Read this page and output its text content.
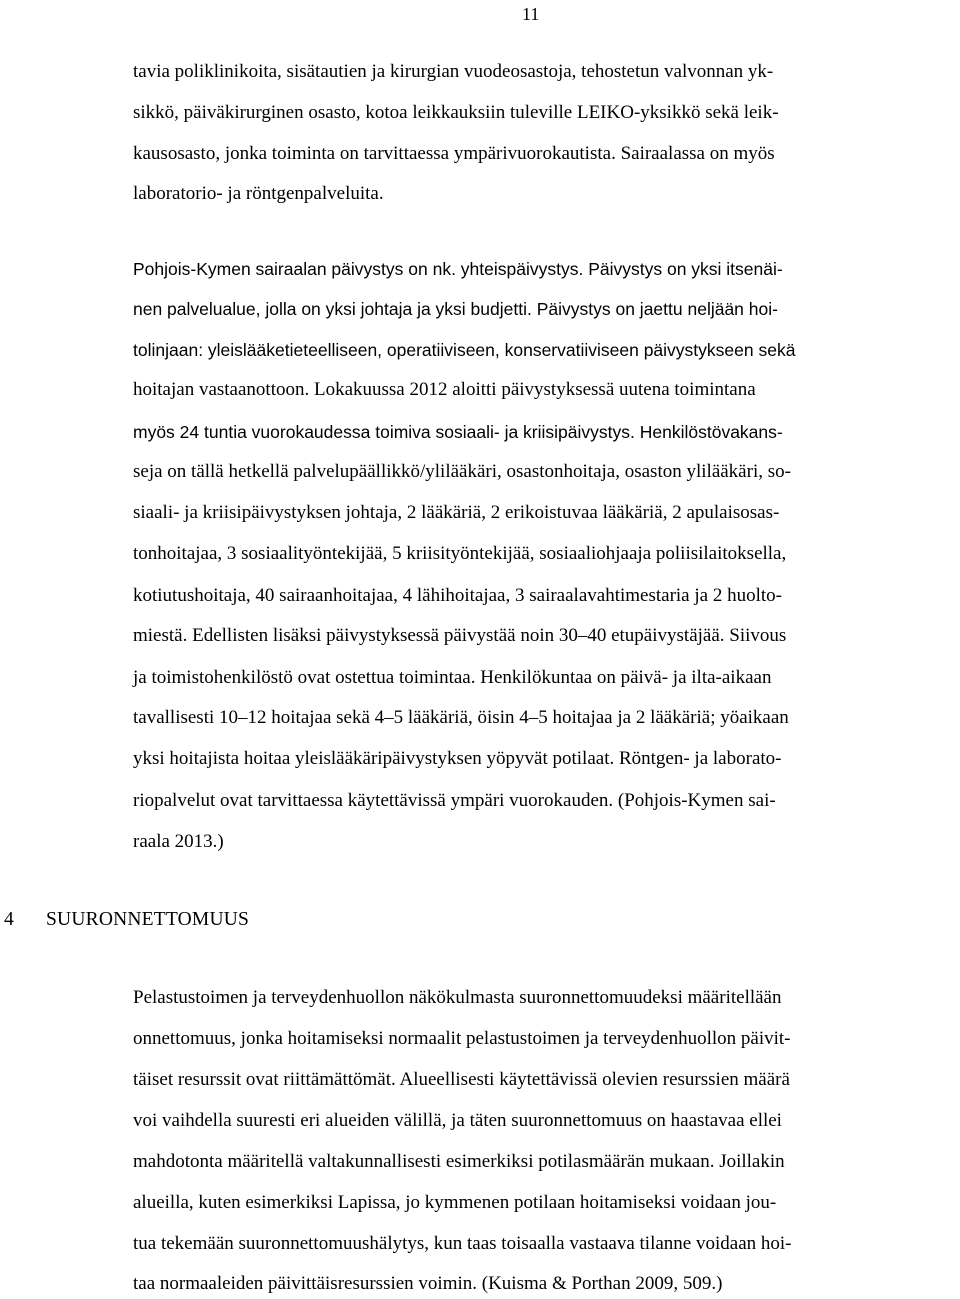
11
tavia poliklinikoita, sisätautien ja kirurgian vuodeosastoja, tehostetun valvonnan yk-
sikkö, päiväkirurginen osasto, kotoa leikkauksiin tuleville LEIKO-yksikkö sekä leik-
kausosasto, jonka toiminta on tarvittaessa ympärivuorokautista. Sairaalassa on myös
laboratorio- ja röntgenpalveluita.
Pohjois-Kymen sairaalan päivystys on nk. yhteispäivystys. Päivystys on yksi itsenäi-
nen palvelualue, jolla on yksi johtaja ja yksi budjetti. Päivystys on jaettu neljään hoi-
tolinjaan: yleislääketieteelliseen, operatiiviseen, konservatiiviseen päivystykseen sekä
hoitajan vastaanottoon. Lokakuussa 2012 aloitti päivystyksessä uutena toimintana
myös 24 tuntia vuorokaudessa toimiva sosiaali- ja kriisipäivystys. Henkilöstövakans-
seja on tällä hetkellä palvelupäällikkö/ylilääkäri, osastonhoitaja, osaston ylilääkäri, so-
siaali- ja kriisipäivystyksen johtaja, 2 lääkäriä, 2 erikoistuvaa lääkäriä, 2 apulaisosas-
tonhoitajaa, 3 sosiaalityöntekijää, 5 kriisityöntekijää, sosiaaliohjaaja poliisilaitoksella,
kotiutushoitaja, 40 sairaanhoitajaa, 4 lähihoitajaa, 3 sairaalavahtimestaria ja 2 huolto-
miestä. Edellisten lisäksi päivystyksessä päivystää noin 30–40 etupäivystäjää. Siivous
ja toimistohenkilöstö ovat ostettua toimintaa. Henkilökuntaa on päivä- ja ilta-aikaan
tavallisesti 10–12 hoitajaa sekä 4–5 lääkäriä, öisin 4–5 hoitajaa ja 2 lääkäriä; yöaikaan
yksi hoitajista hoitaa yleislääkäripäivystyksen yöpyvät potilaat. Röntgen- ja laborato-
riopalvelut ovat tarvittaessa käytettävissä ympäri vuorokauden. (Pohjois-Kymen sai-
raala 2013.)
4 SUURONNETTOMUUS
Pelastustoimen ja terveydenhuollon näkökulmasta suuronnettomuudeksi määritellään
onnettomuus, jonka hoitamiseksi normaalit pelastustoimen ja terveydenhuollon päivit-
täiset resurssit ovat riittämättömät. Alueellisesti käytettävissä olevien resurssien määrä
voi vaihdella suuresti eri alueiden välillä, ja täten suuronnettomuus on haastavaa ellei
mahdotonta määritellä valtakunnallisesti esimerkiksi potilasmäärän mukaan. Joillakin
alueilla, kuten esimerkiksi Lapissa, jo kymmenen potilaan hoitamiseksi voidaan jou-
tua tekemään suuronnettomuushälytys, kun taas toisaalla vastaava tilanne voidaan hoi-
taa normaaleiden päivittäisresurssien voimin. (Kuisma & Porthan 2009, 509.)
